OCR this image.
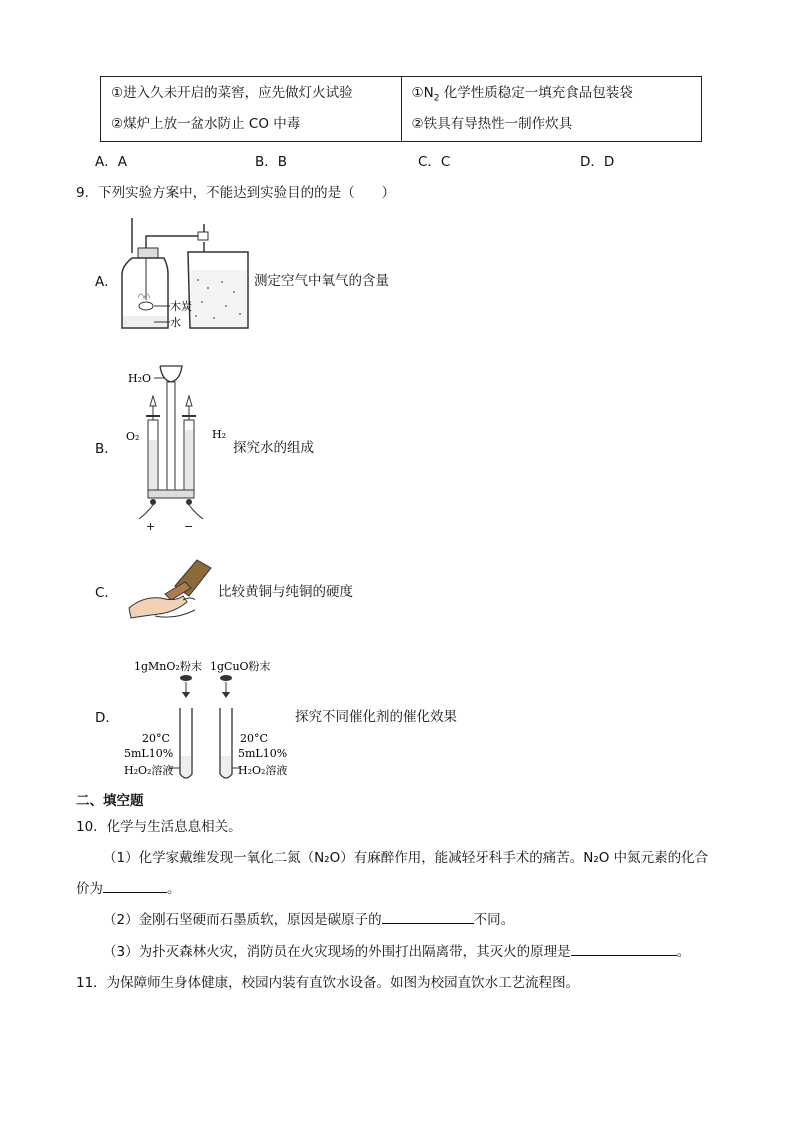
①进入久未开启的菜窖，应先做灯火试验
②煤炉上放一盆水防止 CO 中毒

$①N_2$ 化学性质稳定一填充食品包装袋
②铁具有导热性一制作炊具
A．A	B．B	C．C	D．D
9．下列实验方案中，不能达到实验目的的是（　　）
A．
木炭
水
测定空气中氧气的含量
B．
H₂O
O₂	H₂
+	−
探究水的组成
C．	比较黄铜与纯铜的硬度
D．
1gMnO₂粉末 1gCuO粉末
20°C
5mL10%
H₂O₂溶液
20°C
5mL10%
H₂O₂溶液
探究不同催化剂的催化效果
二、填空题
10．化学与生活息息相关。
（1）化学家戴维发现一氧化二氮（N₂O）有麻醉作用，能减轻牙科手术的痛苦。N₂O 中氮元素的化合
价为	。
（2）金刚石坚硬而石墨质软，原因是碳原子的	不同。
（3）为扑灭森林火灾，消防员在火灾现场的外围打出隔离带，其灭火的原理是	。
11．为保障师生身体健康，校园内装有直饮水设备。如图为校园直饮水工艺流程图。
